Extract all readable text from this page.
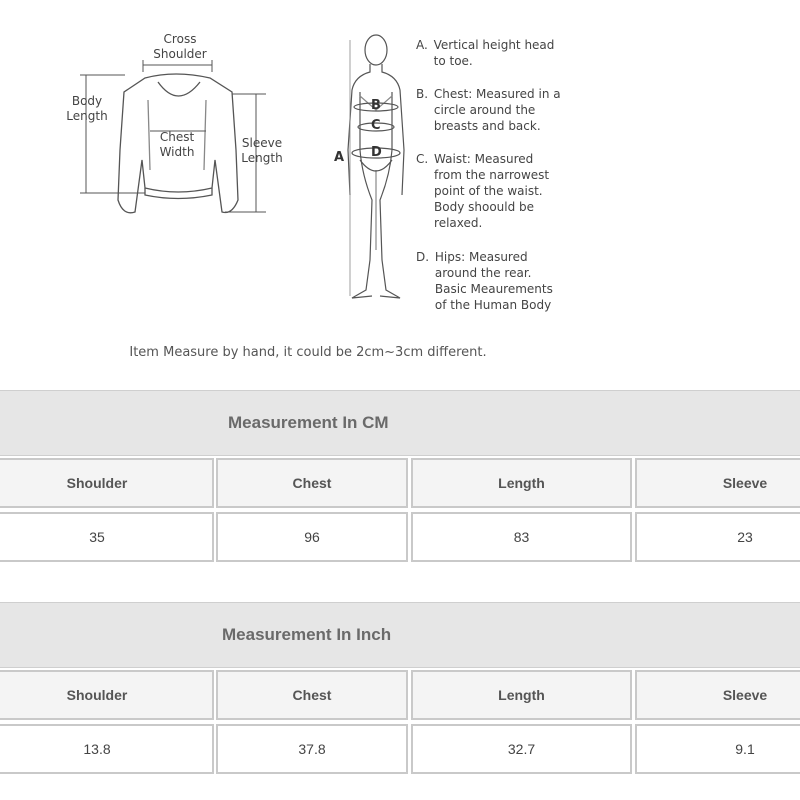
Cross
Shoulder
Body
Length
Chest
Width
Sleeve
Length	A
B
C
D
A. Vertical height head
to toe.
B. Chest: Measured in a
circle around the
breasts and back.
C. Waist: Measured
from the narrowest
point of the waist.
Body shoould be
relaxed.
D. Hips: Measured
around the rear.
Basic Meaurements
of the Human Body
Item Measure by hand, it could be 2cm~3cm different.
Measurement In CM
Shoulder	Chest	Length	Sleeve
35	96	83	23
Measurement In Inch
Shoulder	Chest	Length	Sleeve
13.8	37.8	32.7	9.1
